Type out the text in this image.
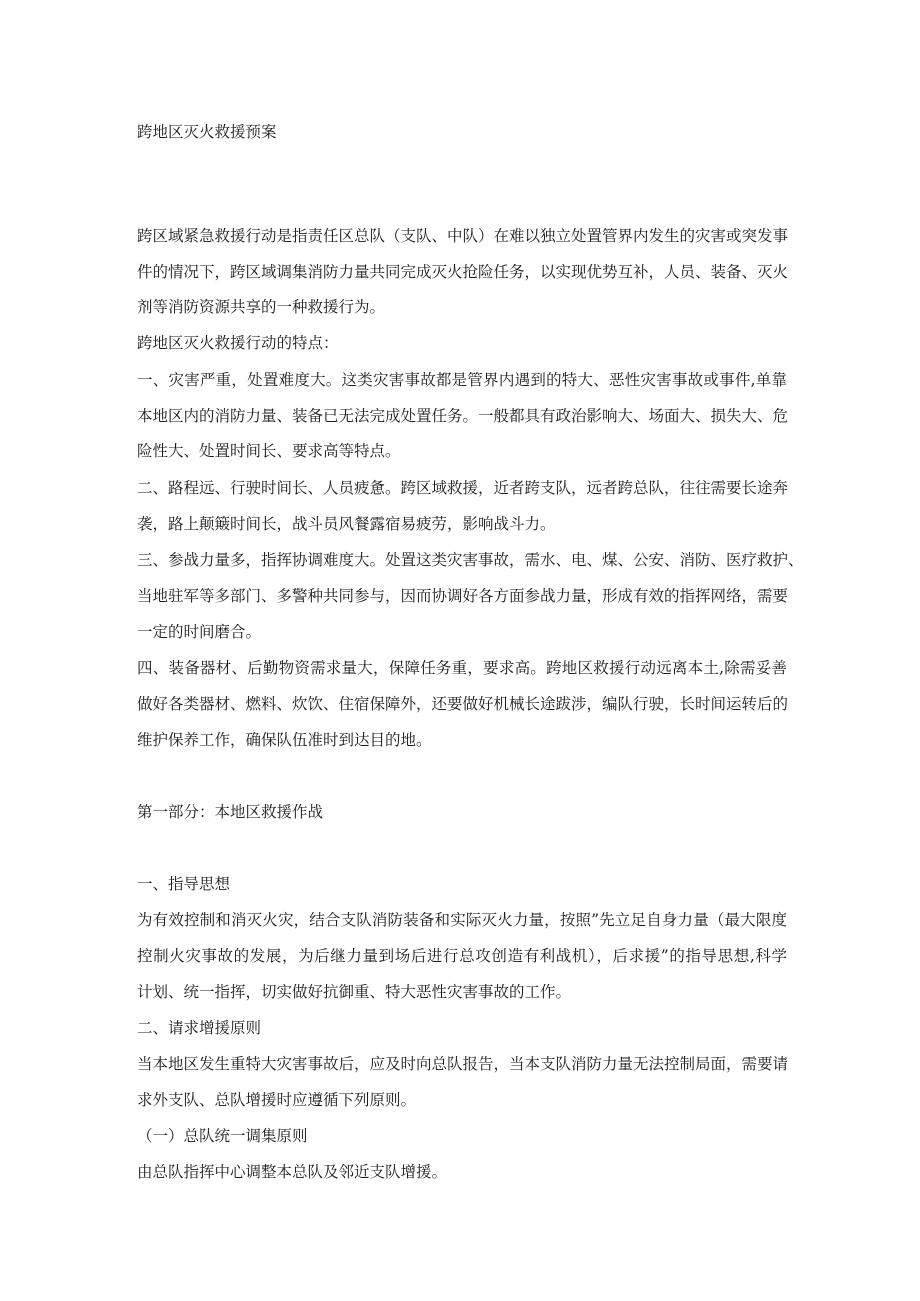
跨地区灭火救援预案
跨区域紧急救援行动是指责任区总队（支队、中队）在难以独立处置管界内发生的灾害或突发事
件的情况下，跨区域调集消防力量共同完成灭火抢险任务，以实现优势互补，人员、装备、灭火
剂等消防资源共享的一种救援行为。
跨地区灭火救援行动的特点：
一、灾害严重，处置难度大。这类灾害事故都是管界内遇到的特大、恶性灾害事故或事件,单靠
本地区内的消防力量、装备已无法完成处置任务。一般都具有政治影响大、场面大、损失大、危
险性大、处置时间长、要求高等特点。
二、路程远、行驶时间长、人员疲惫。跨区域救援，近者跨支队，远者跨总队，往往需要长途奔
袭，路上颠簸时间长，战斗员风餐露宿易疲劳，影响战斗力。
三、参战力量多，指挥协调难度大。处置这类灾害事故，需水、电、煤、公安、消防、医疗救护、
当地驻军等多部门、多警种共同参与，因而协调好各方面参战力量，形成有效的指挥网络，需要
一定的时间磨合。
四、装备器材、后勤物资需求量大，保障任务重，要求高。跨地区救援行动远离本土,除需妥善
做好各类器材、燃料、炊饮、住宿保障外，还要做好机械长途跋涉，编队行驶，长时间运转后的
维护保养工作，确保队伍准时到达目的地。
第一部分：本地区救援作战
一、指导思想
为有效控制和消灭火灾，结合支队消防装备和实际灭火力量，按照”先立足自身力量（最大限度
控制火灾事故的发展，为后继力量到场后进行总攻创造有利战机），后求援”的指导思想,科学
计划、统一指挥，切实做好抗御重、特大恶性灾害事故的工作。
二、请求增援原则
当本地区发生重特大灾害事故后，应及时向总队报告，当本支队消防力量无法控制局面，需要请
求外支队、总队增援时应遵循下列原则。
（一）总队统一调集原则
由总队指挥中心调整本总队及邻近支队增援。
